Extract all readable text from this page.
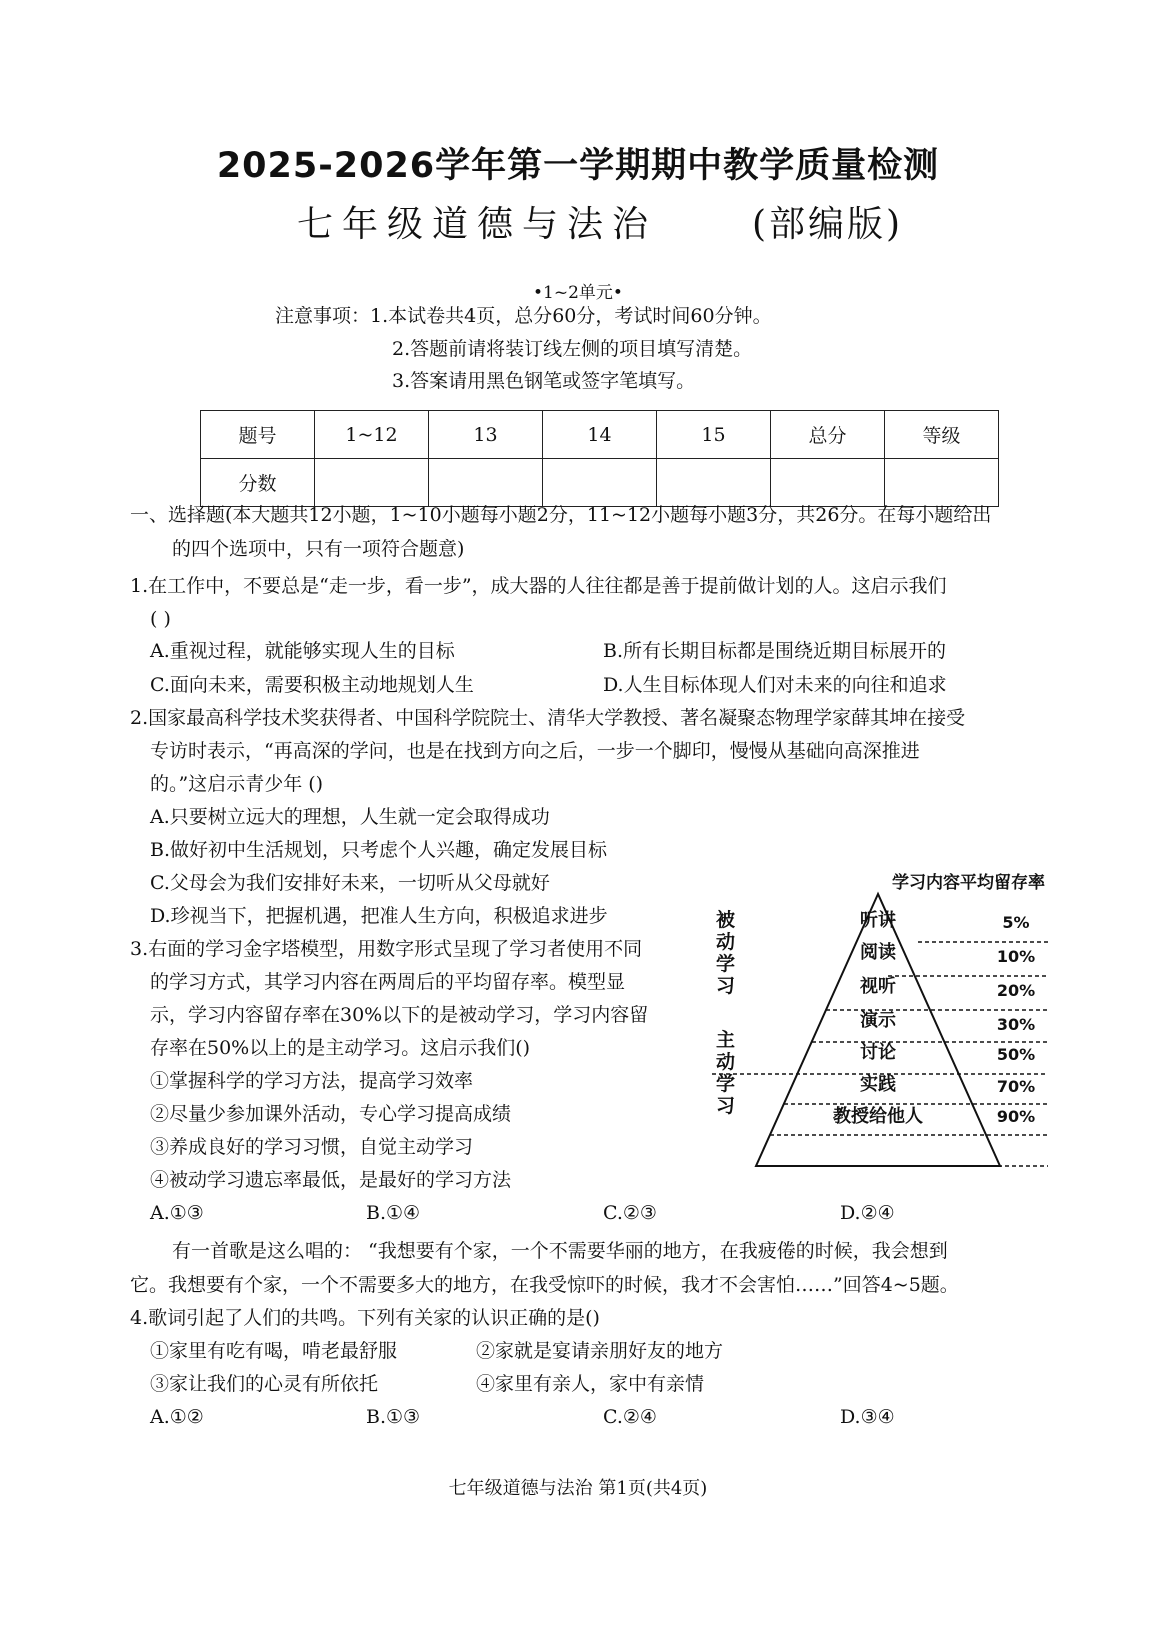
2025-2026学年第一学期期中教学质量检测
七年级道德与法治	(部编版)
•1~2单元•
注意事项：1.本试卷共4页，总分60分，考试时间60分钟。
2.答题前请将装订线左侧的项目填写清楚。
3.答案请用黑色钢笔或签字笔填写。
题号	1~12	13	14	15	总分	等级
分数						
一、选择题(本大题共12小题，1~10小题每小题2分，11~12小题每小题3分，共26分。在每小题给出
的四个选项中，只有一项符合题意)
1.在工作中，不要总是“走一步，看一步”，成大器的人往往都是善于提前做计划的人。这启示我们
( )
A.重视过程，就能够实现人生的目标	B.所有长期目标都是围绕近期目标展开的
C.面向未来，需要积极主动地规划人生	D.人生目标体现人们对未来的向往和追求
2.国家最高科学技术奖获得者、中国科学院院士、清华大学教授、著名凝聚态物理学家薛其坤在接受
专访时表示，“再高深的学问，也是在找到方向之后，一步一个脚印，慢慢从基础向高深推进
的。”这启示青少年 ()
A.只要树立远大的理想，人生就一定会取得成功
B.做好初中生活规划，只考虑个人兴趣，确定发展目标
C.父母会为我们安排好未来，一切听从父母就好
D.珍视当下，把握机遇，把准人生方向，积极追求进步
3.右面的学习金字塔模型，用数字形式呈现了学习者使用不同
的学习方式，其学习内容在两周后的平均留存率。模型显
示，学习内容留存率在30%以下的是被动学习，学习内容留
存率在50%以上的是主动学习。这启示我们()
①掌握科学的学习方法，提高学习效率
②尽量少参加课外活动，专心学习提高成绩
③养成良好的学习习惯，自觉主动学习
④被动学习遗忘率最低，是最好的学习方法
A.①③	B.①④	C.②③	D.②④
被动学习
主动学习
学习内容平均留存率
听讲
阅读
视听
演示
讨论
实践
教授给他人
5%
10%
20%
30%
50%
70%
90%
有一首歌是这么唱的： “我想要有个家，一个不需要华丽的地方，在我疲倦的时候，我会想到
它。我想要有个家，一个不需要多大的地方，在我受惊吓的时候，我才不会害怕……”回答4~5题。
4.歌词引起了人们的共鸣。下列有关家的认识正确的是()
①家里有吃有喝，啃老最舒服	②家就是宴请亲朋好友的地方
③家让我们的心灵有所依托	④家里有亲人，家中有亲情
A.①②	B.①③	C.②④	D.③④
七年级道德与法治 第1页(共4页)
